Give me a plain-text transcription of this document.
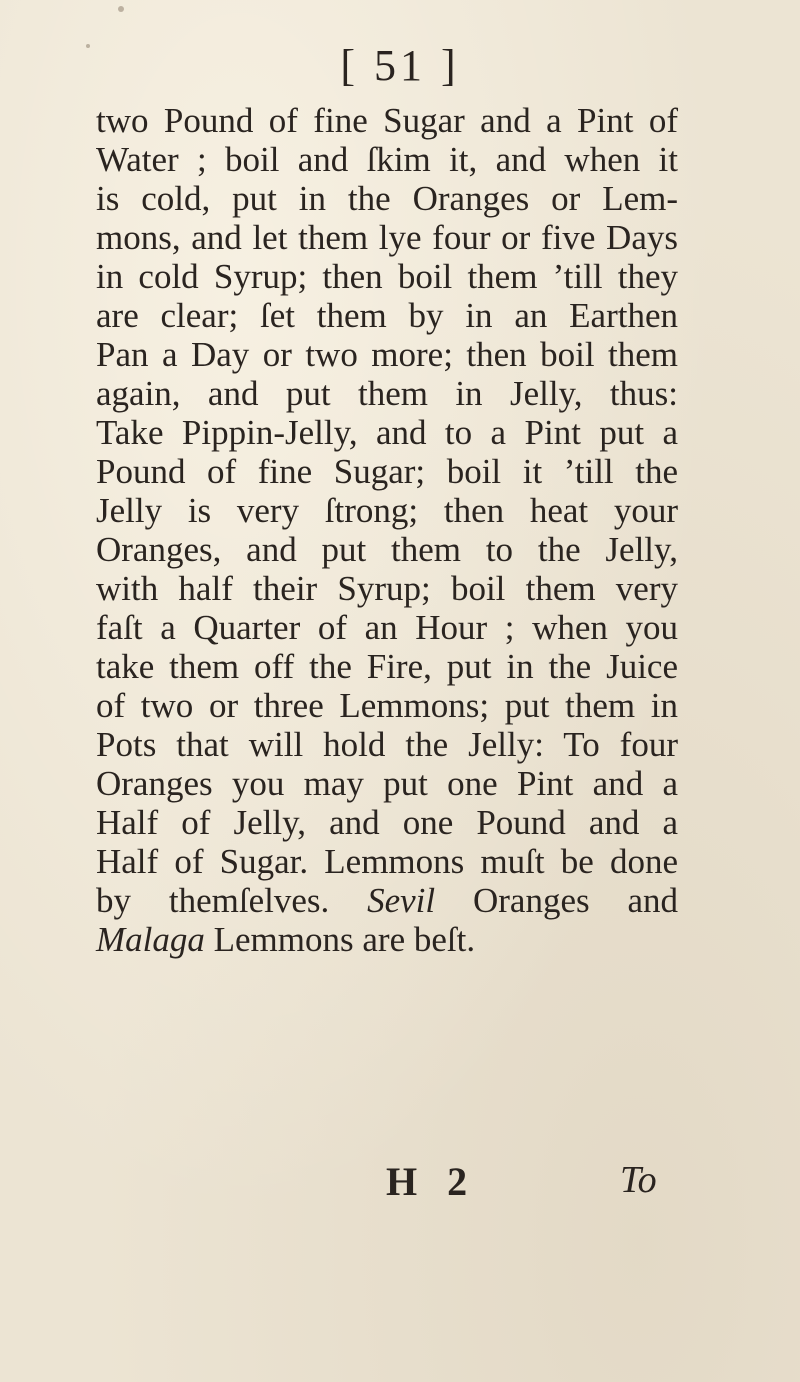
[ 51 ]
two Pound of fine Sugar and a Pint of
Water ; boil and ſkim it, and when it
is cold, put in the Oranges or Lem-
mons, and let them lye four or five Days
in cold Syrup; then boil them ’till they
are clear; ſet them by in an Earthen
Pan a Day or two more; then boil them
again, and put them in Jelly, thus:
Take Pippin-Jelly, and to a Pint put a
Pound of fine Sugar; boil it ’till the
Jelly is very ſtrong; then heat your
Oranges, and put them to the Jelly,
with half their Syrup; boil them very
faſt a Quarter of an Hour ; when you
take them off the Fire, put in the Juice
of two or three Lemmons; put them in
Pots that will hold the Jelly: To four
Oranges you may put one Pint and a
Half of Jelly, and one Pound and a
Half of Sugar. Lemmons muſt be done
by themſelves. Sevil Oranges and
Malaga Lemmons are beſt.
H 2	To
